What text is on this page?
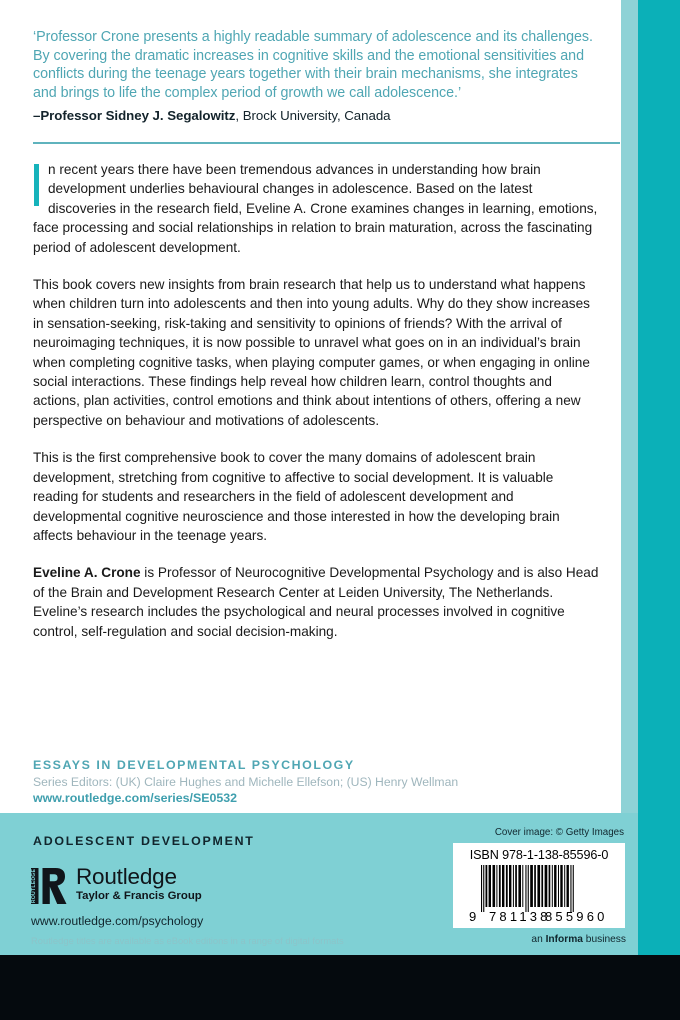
‘Professor Crone presents a highly readable summary of adolescence and its challenges. By covering the dramatic increases in cognitive skills and the emotional sensitivities and conflicts during the teenage years together with their brain mechanisms, she integrates and brings to life the complex period of growth we call adolescence.’
–Professor Sidney J. Segalowitz, Brock University, Canada

n recent years there have been tremendous advances in understanding how brain development underlies behavioural changes in adolescence. Based on the latest discoveries in the research field, Eveline A. Crone examines changes in learning, emotions, face processing and social relationships in relation to brain maturation, across the fascinating period of adolescent development.

This book covers new insights from brain research that help us to understand what happens when children turn into adolescents and then into young adults. Why do they show increases in sensation-seeking, risk-taking and sensitivity to opinions of friends? With the arrival of neuroimaging techniques, it is now possible to unravel what goes on in an individual’s brain when completing cognitive tasks, when playing computer games, or when engaging in online social interactions. These findings help reveal how children learn, control thoughts and actions, plan activities, control emotions and think about intentions of others, offering a new perspective on behaviour and motivations of adolescents.

This is the first comprehensive book to cover the many domains of adolescent brain development, stretching from cognitive to affective to social development. It is valuable reading for students and researchers in the field of adolescent development and developmental cognitive neuroscience and those interested in how the developing brain affects behaviour in the teenage years.

Eveline A. Crone is Professor of Neurocognitive Developmental Psychology and is also Head of the Brain and Development Research Center at Leiden University, The Netherlands. Eveline’s research includes the psychological and neural processes involved in cognitive control, self-regulation and social decision-making.

ESSAYS IN DEVELOPMENTAL PSYCHOLOGY
Series Editors: (UK) Claire Hughes and Michelle Ellefson; (US) Henry Wellman
www.routledge.com/series/SE0532
ADOLESCENT DEVELOPMENT
ROUTLEDGE Routledge
Taylor & Francis Group
www.routledge.com/psychology
Routledge titles are available as eBook editions in a range of digital formats
Cover image: © Getty Images
an Informa business
ISBN 978-1-138-85596-0
9 781138
855960
